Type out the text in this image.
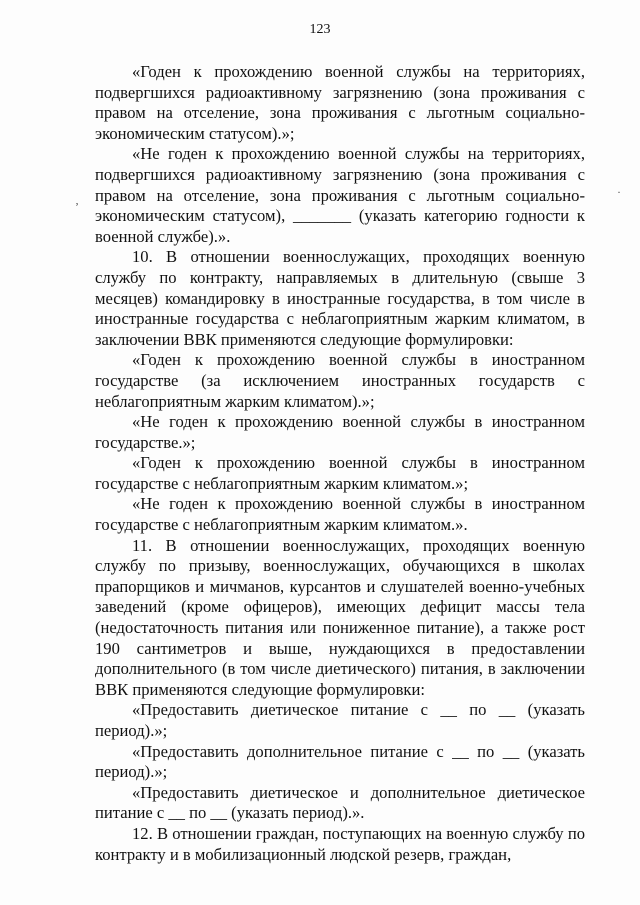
123
‚
·

«Годен к прохождению военной службы на территориях, подвергшихся радиоактивному загрязнению (зона проживания с правом на отселение, зона проживания с льготным социально-экономическим статусом).»;

«Не годен к прохождению военной службы на территориях, подвергшихся радиоактивному загрязнению (зона проживания с правом на отселение, зона проживания с льготным социально-экономическим статусом), _______ (указать категорию годности к военной службе).».

10. В отношении военнослужащих, проходящих военную службу по контракту, направляемых в длительную (свыше 3 месяцев) командировку в иностранные государства, в том числе в иностранные государства с неблагоприятным жарким климатом, в заключении ВВК применяются следующие формулировки:

«Годен к прохождению военной службы в иностранном государстве (за исключением иностранных государств с неблагоприятным жарким климатом).»;

«Не годен к прохождению военной службы в иностранном государстве.»;

«Годен к прохождению военной службы в иностранном государстве с неблагоприятным жарким климатом.»;

«Не годен к прохождению военной службы в иностранном государстве с неблагоприятным жарким климатом.».

11. В отношении военнослужащих, проходящих военную службу по призыву, военнослужащих, обучающихся в школах прапорщиков и мичманов, курсантов и слушателей военно-учебных заведений (кроме офицеров), имеющих дефицит массы тела (недостаточность питания или пониженное питание), а также рост 190 сантиметров и выше, нуждающихся в предоставлении дополнительного (в том числе диетического) питания, в заключении ВВК применяются следующие формулировки:

«Предоставить диетическое питание с __ по __ (указать период).»;

«Предоставить дополнительное питание с __ по __ (указать период).»;

«Предоставить диетическое и дополнительное диетическое питание с __ по __ (указать период).».

12. В отношении граждан, поступающих на военную службу по контракту и в мобилизационный людской резерв, граждан,
